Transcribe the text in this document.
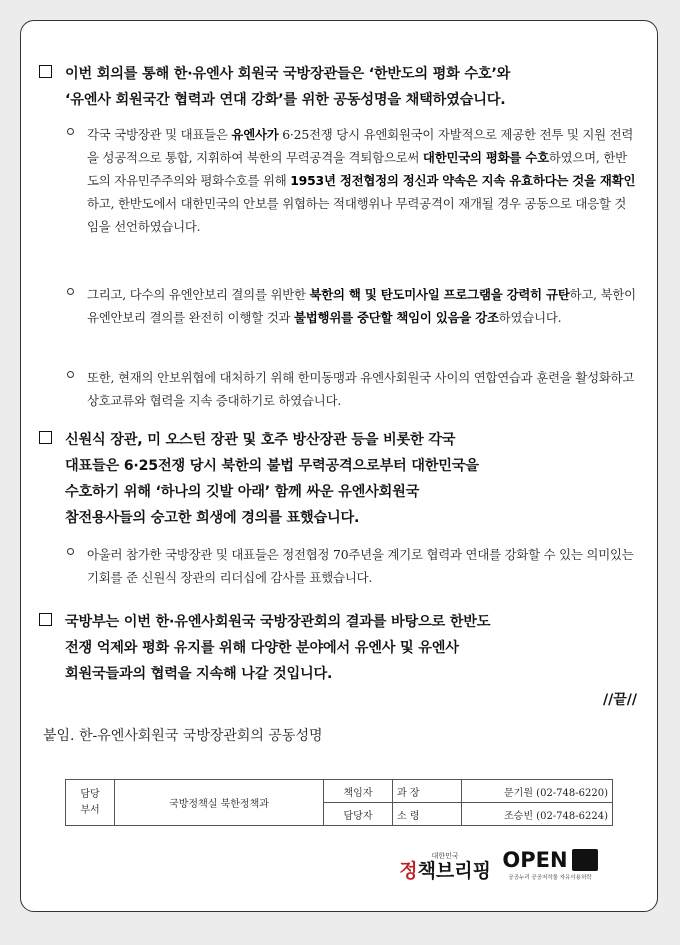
이번 회의를 통해 한·유엔사 회원국 국방장관들은 ‘한반도의 평화 수호’와
‘유엔사 회원국간 협력과 연대 강화’를 위한 공동성명을 채택하였습니다.
각국 국방장관 및 대표들은 유엔사가 6·25전쟁 당시 유엔회원국이 자발적으로 제공한 전투 및 지원 전력을 성공적으로 통합, 지휘하여 북한의 무력공격을 격퇴함으로써 대한민국의 평화를 수호하였으며, 한반도의 자유민주주의와 평화수호를 위해 1953년 정전협정의 정신과 약속은 지속 유효하다는 것을 재확인하고, 한반도에서 대한민국의 안보를 위협하는 적대행위나 무력공격이 재개될 경우 공동으로 대응할 것임을 선언하였습니다.
그리고, 다수의 유엔안보리 결의를 위반한 북한의 핵 및 탄도미사일 프로그램을 강력히 규탄하고, 북한이 유엔안보리 결의를 완전히 이행할 것과 불법행위를 중단할 책임이 있음을 강조하였습니다.
또한, 현재의 안보위협에 대처하기 위해 한미동맹과 유엔사회원국 사이의 연합연습과 훈련을 활성화하고 상호교류와 협력을 지속 증대하기로 하였습니다.
신원식 장관, 미 오스틴 장관 및 호주 방산장관 등을 비롯한 각국
대표들은 6·25전쟁 당시 북한의 불법 무력공격으로부터 대한민국을
수호하기 위해 ‘하나의 깃발 아래’ 함께 싸운 유엔사회원국
참전용사들의 숭고한 희생에 경의를 표했습니다.
아울러 참가한 국방장관 및 대표들은 정전협정 70주년을 계기로 협력과 연대를 강화할 수 있는 의미있는 기회를 준 신원식 장관의 리더십에 감사를 표했습니다.
국방부는 이번 한·유엔사회원국 국방장관회의 결과를 바탕으로 한반도
전쟁 억제와 평화 유지를 위해 다양한 분야에서 유엔사 및 유엔사
회원국들과의 협력을 지속해 나갈 것입니다.
//끝//
붙임. 한-유엔사회원국 국방장관회의 공동성명
담당
부서	국방정책실 북한정책과	책임자	과 장	문기원 (02-748-6220)
		담당자	소 령	조승빈 (02-748-6224)
대한민국
정책브리핑 OPEN
공공누리 공공저작물 자유이용허락
